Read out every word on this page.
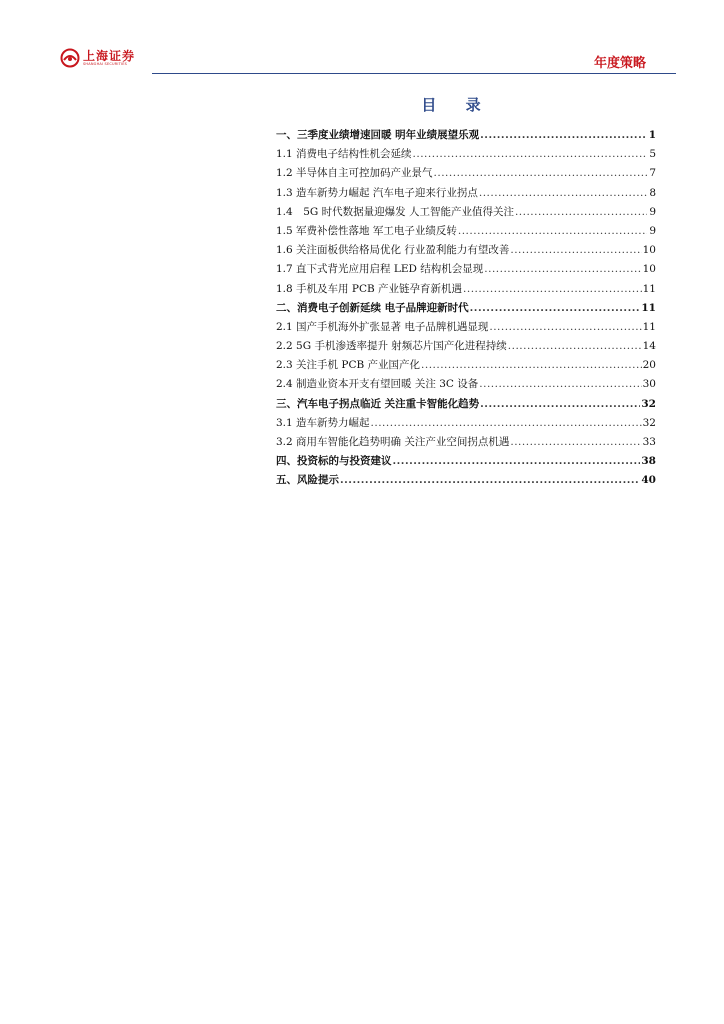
上海证券
SHANGHAI SECURITIES	年度策略
目 录
一、三季度业绩增速回暖 明年业绩展望乐观 .....	1
1.1 消费电子结构性机会延续 .....	5
1.2 半导体自主可控加码产业景气 .....	7
1.3 造车新势力崛起 汽车电子迎来行业拐点 .....	8
1.4　5G 时代数据量迎爆发 人工智能产业值得关注 .....	9
1.5 军费补偿性落地 军工电子业绩反转 .....	9
1.6 关注面板供给格局优化 行业盈利能力有望改善 .....	10
1.7 直下式背光应用启程 LED 结构机会显现 .....	10
1.8 手机及车用 PCB 产业链孕育新机遇 .....	11
二、消费电子创新延续 电子品牌迎新时代 .....	11
2.1 国产手机海外扩张显著 电子品牌机遇显现 .....	11
2.2 5G 手机渗透率提升 射频芯片国产化进程持续 .....	14
2.3 关注手机 PCB 产业国产化 .....	20
2.4 制造业资本开支有望回暖 关注 3C 设备 .....	30
三、汽车电子拐点临近 关注重卡智能化趋势 .....	32
3.1 造车新势力崛起 .....	32
3.2 商用车智能化趋势明确 关注产业空间拐点机遇 .....	33
四、投资标的与投资建议 .....	38
五、风险提示 .....	40
